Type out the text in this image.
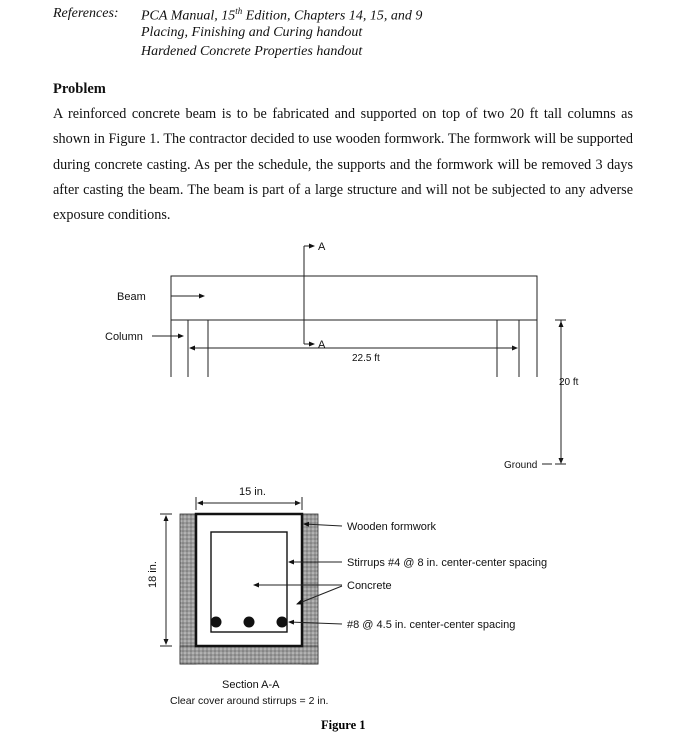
References: PCA Manual, 15th Edition, Chapters 14, 15, and 9
Placing, Finishing and Curing handout
Hardened Concrete Properties handout
Problem

A reinforced concrete beam is to be fabricated and supported on top of two 20 ft tall columns as shown in Figure 1. The contractor decided to use wooden formwork. The formwork will be supported during concrete casting. As per the schedule, the supports and the formwork will be removed 3 days after casting the beam. The beam is part of a large structure and will not be subjected to any adverse exposure conditions.

A
A
Beam
Column
22.5 ft
20 ft
Ground
15 in.
18 in.
Wooden formwork
Stirrups #4 @ 8 in. center-center spacing
Concrete
#8 @ 4.5 in. center-center spacing
Section A-A
Clear cover around stirrups = 2 in.
Figure 1
